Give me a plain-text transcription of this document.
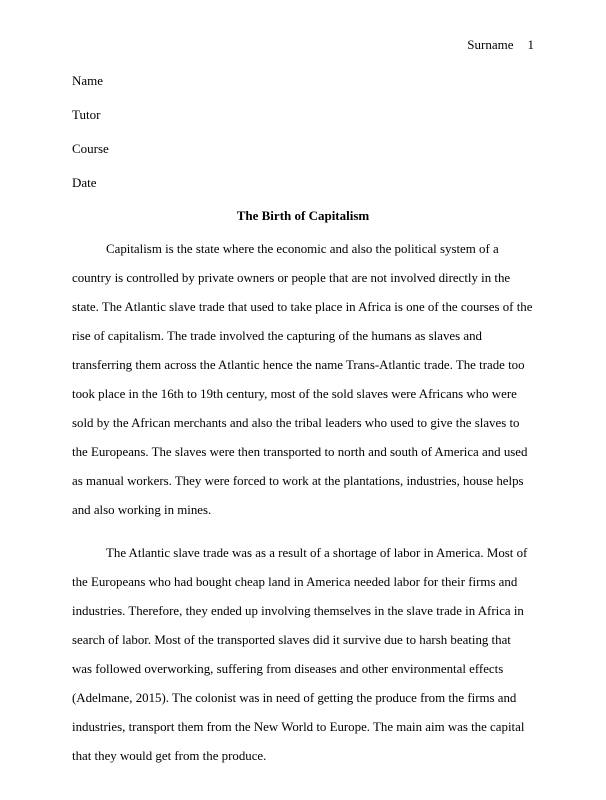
Surname 1
Name
Tutor
Course
Date
The Birth of Capitalism

Capitalism is the state where the economic and also the political system of a country is controlled by private owners or people that are not involved directly in the state. The Atlantic slave trade that used to take place in Africa is one of the courses of the rise of capitalism. The trade involved the capturing of the humans as slaves and transferring them across the Atlantic hence the name Trans-Atlantic trade. The trade too took place in the 16th to 19th century, most of the sold slaves were Africans who were sold by the African merchants and also the tribal leaders who used to give the slaves to the Europeans. The slaves were then transported to north and south of America and used as manual workers. They were forced to work at the plantations, industries, house helps and also working in mines.

The Atlantic slave trade was as a result of a shortage of labor in America. Most of the Europeans who had bought cheap land in America needed labor for their firms and industries. Therefore, they ended up involving themselves in the slave trade in Africa in search of labor. Most of the transported slaves did it survive due to harsh beating that was followed overworking, suffering from diseases and other environmental effects (Adelmane, 2015). The colonist was in need of getting the produce from the firms and industries, transport them from the New World to Europe. The main aim was the capital that they would get from the produce.
